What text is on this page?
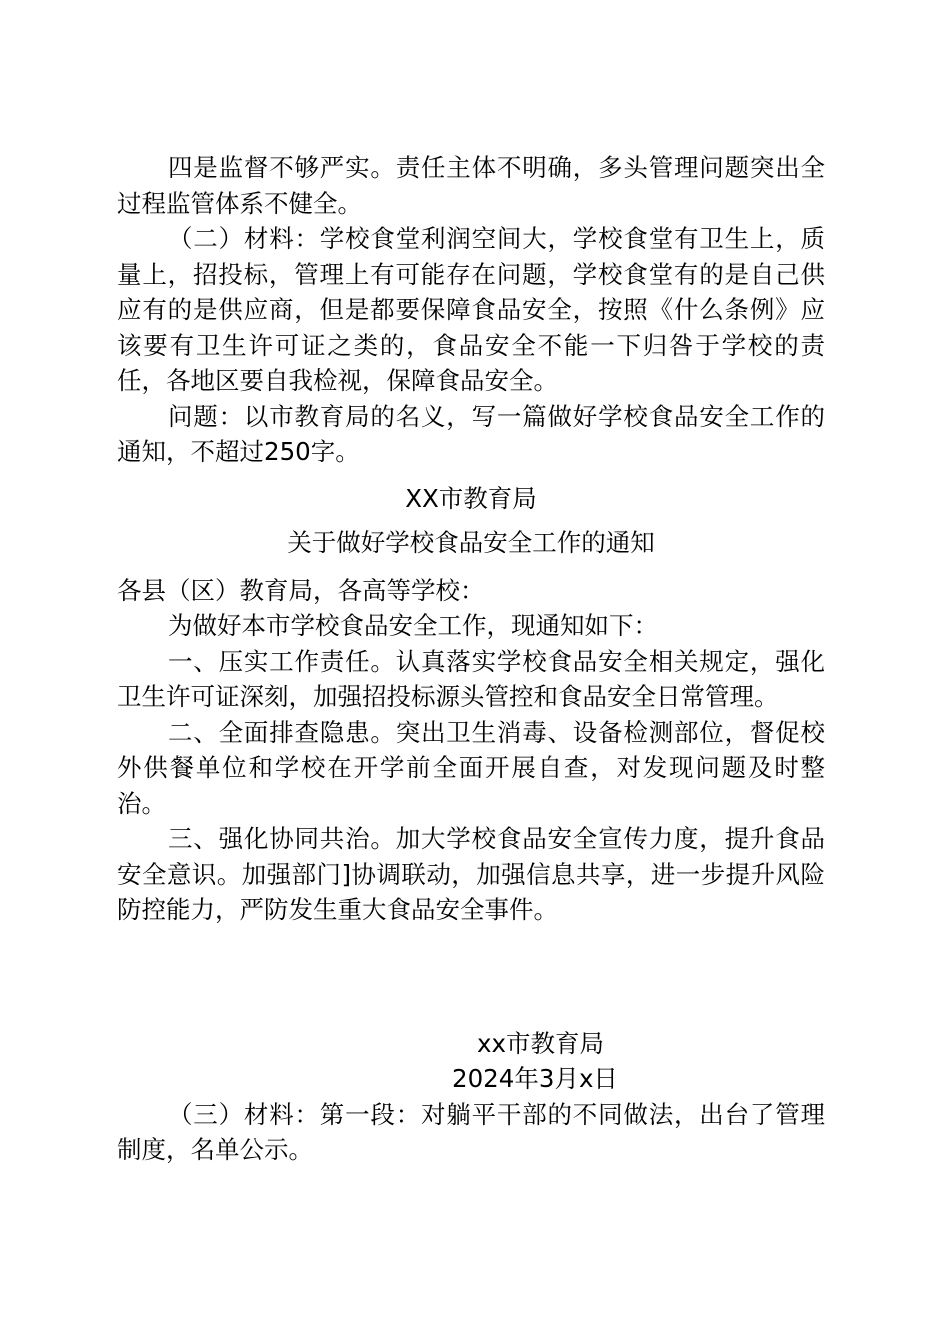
四是监督不够严实。责任主体不明确，多头管理问题突出全过程监管体系不健全。

（二）材料：学校食堂利润空间大，学校食堂有卫生上，质量上，招投标，管理上有可能存在问题，学校食堂有的是自己供应有的是供应商，但是都要保障食品安全，按照《什么条例》应该要有卫生许可证之类的，食品安全不能一下归咎于学校的责任，各地区要自我检视，保障食品安全。

问题：以市教育局的名义，写一篇做好学校食品安全工作的通知，不超过250字。

XX市教育局

关于做好学校食品安全工作的通知

各县（区）教育局，各高等学校：

为做好本市学校食品安全工作，现通知如下：

一、压实工作责任。认真落实学校食品安全相关规定，强化卫生许可证深刻，加强招投标源头管控和食品安全日常管理。

二、全面排查隐患。突出卫生消毒、设备检测部位，督促校外供餐单位和学校在开学前全面开展自查，对发现问题及时整治。

三、强化协同共治。加大学校食品安全宣传力度，提升食品安全意识。加强部门]协调联动，加强信息共享，进一步提升风险防控能力，严防发生重大食品安全事件。

xx市教育局

2024年3月x日

（三）材料：第一段：对躺平干部的不同做法，出台了管理制度，名单公示。
